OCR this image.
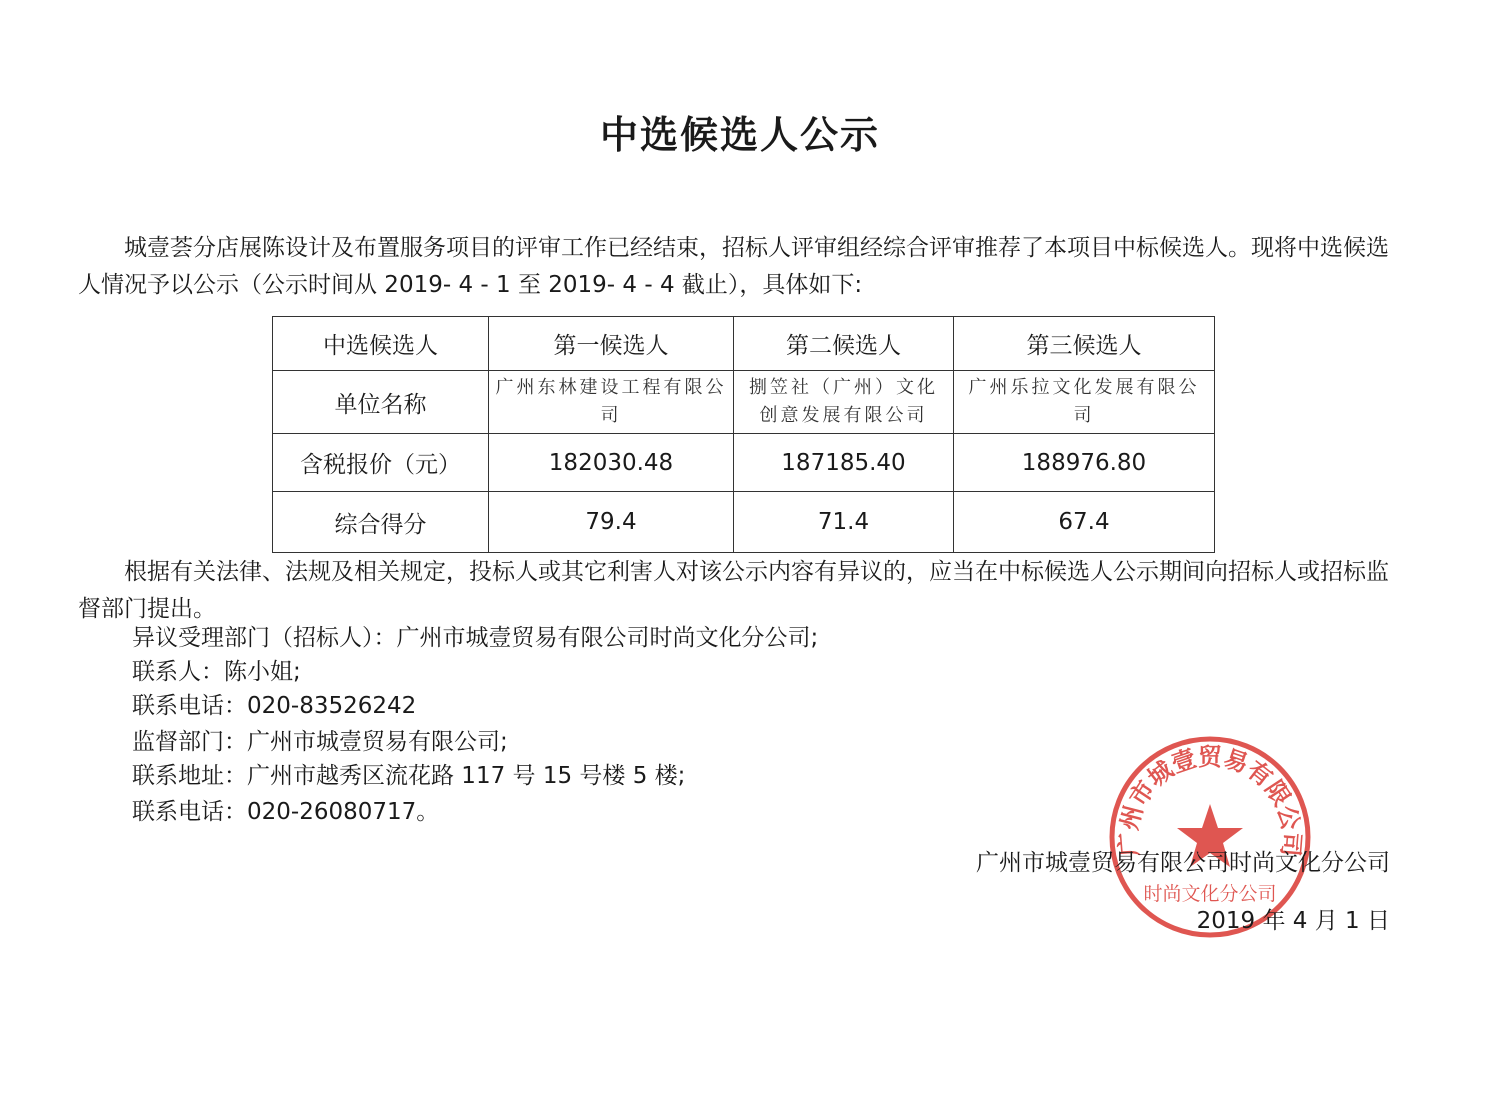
中选候选人公示
城壹荟分店展陈设计及布置服务项目的评审工作已经结束，招标人评审组经综合评审推荐了本项目中标候选人。现将中选候选人情况予以公示（公示时间从 2019- 4 - 1 至 2019- 4 - 4 截止），具体如下:
中选候选人	第一候选人	第二候选人	第三候选人
单位名称	广州东林建设工程有限公司	捌笠社（广州）文化创意发展有限公司	广州乐拉文化发展有限公司
含税报价（元）	182030.48	187185.40	188976.80
综合得分	79.4	71.4	67.4
根据有关法律、法规及相关规定，投标人或其它利害人对该公示内容有异议的，应当在中标候选人公示期间向招标人或招标监督部门提出。
异议受理部门（招标人）：广州市城壹贸易有限公司时尚文化分公司;
联系人：陈小姐;
联系电话：020-83526242
监督部门：广州市城壹贸易有限公司;
联系地址：广州市越秀区流花路 117 号 15 号楼 5 楼;
联系电话：020-26080717。
广州市城壹贸易有限公司
时尚文化分公司
广州市城壹贸易有限公司时尚文化分公司
2019 年 4 月 1 日
